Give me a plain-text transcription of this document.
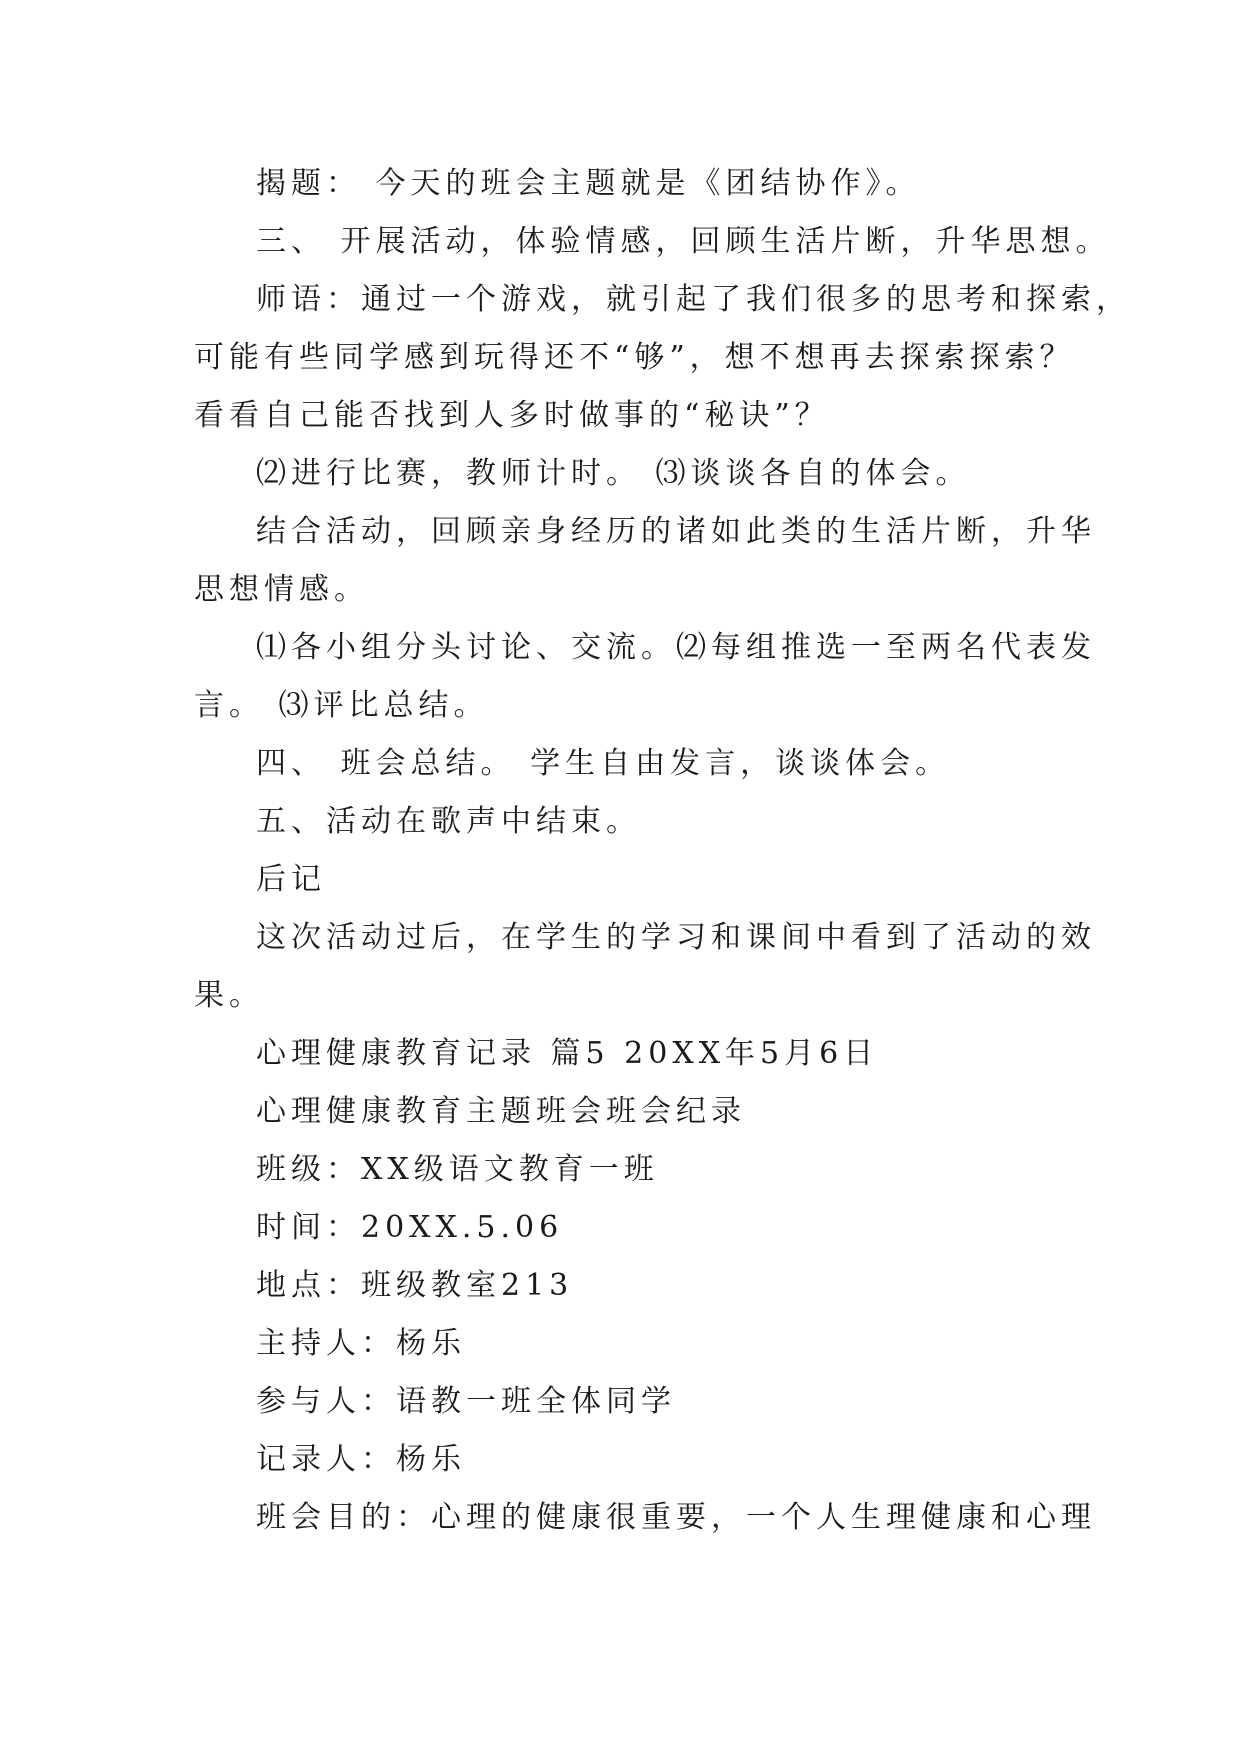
揭题： 今天的班会主题就是《团结协作》。
三、 开展活动，体验情感，回顾生活片断，升华思想。
师语：通过一个游戏，就引起了我们很多的思考和探索，
可能有些同学感到玩得还不“够”，想不想再去探索探索？
看看自己能否找到人多时做事的“秘诀”？
⑵进行比赛，教师计时。 ⑶谈谈各自的体会。
结合活动，回顾亲身经历的诸如此类的生活片断，升华
思想情感。
⑴各小组分头讨论、交流。⑵每组推选一至两名代表发
言。 ⑶评比总结。
四、 班会总结。 学生自由发言，谈谈体会。
五、活动在歌声中结束。
后记
这次活动过后，在学生的学习和课间中看到了活动的效
果。
心理健康教育记录 篇5 20XX年5月6日
心理健康教育主题班会班会纪录
班级：XX级语文教育一班
时间：20XX.5.06
地点：班级教室213
主持人：杨乐
参与人：语教一班全体同学
记录人：杨乐
班会目的：心理的健康很重要，一个人生理健康和心理
